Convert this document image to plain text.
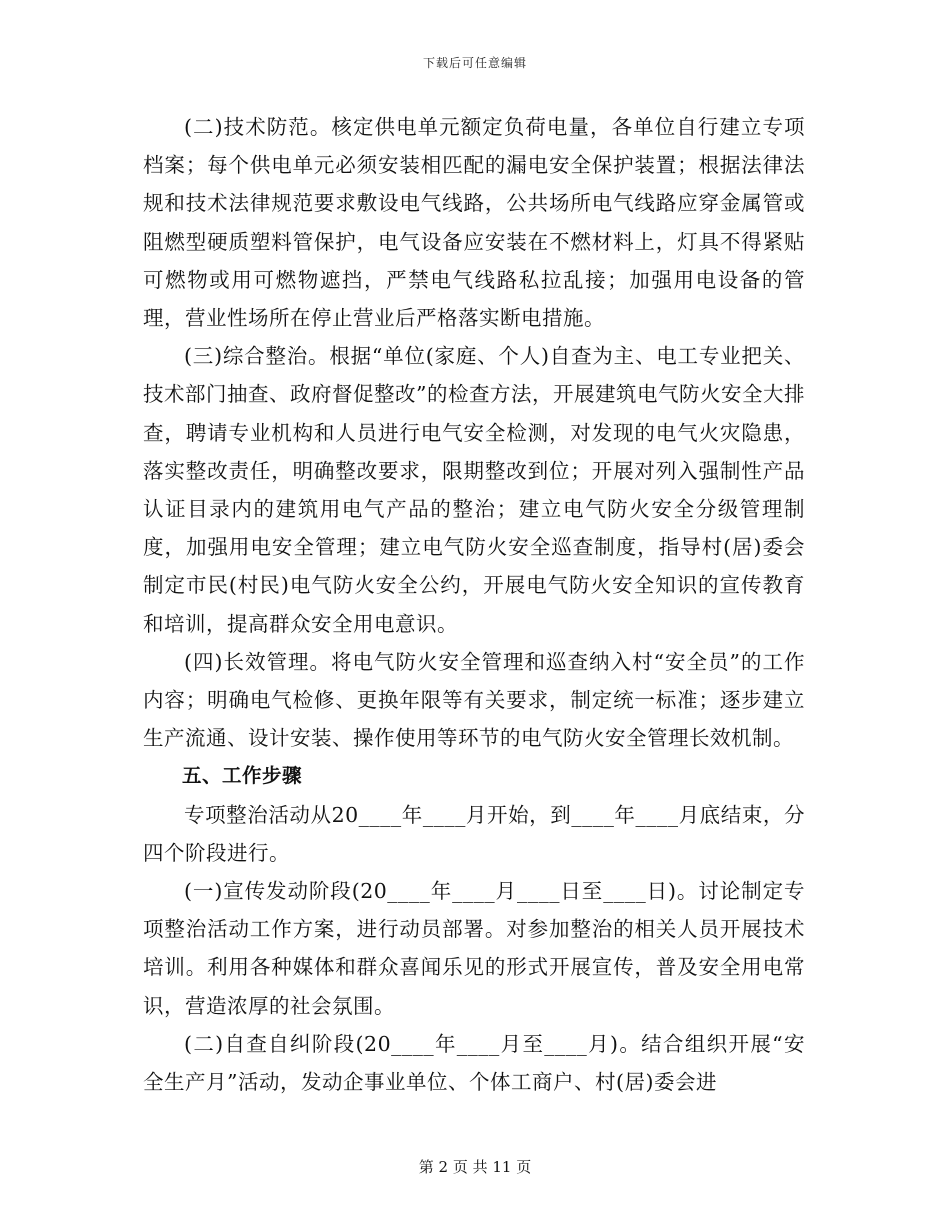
下载后可任意编辑

(二)技术防范。核定供电单元额定负荷电量，各单位自行建立专项档案；每个供电单元必须安装相匹配的漏电安全保护装置；根据法律法规和技术法律规范要求敷设电气线路，公共场所电气线路应穿金属管或阻燃型硬质塑料管保护，电气设备应安装在不燃材料上，灯具不得紧贴可燃物或用可燃物遮挡，严禁电气线路私拉乱接；加强用电设备的管理，营业性场所在停止营业后严格落实断电措施。

(三)综合整治。根据“单位(家庭、个人)自查为主、电工专业把关、技术部门抽查、政府督促整改”的检查方法，开展建筑电气防火安全大排查，聘请专业机构和人员进行电气安全检测，对发现的电气火灾隐患，落实整改责任，明确整改要求，限期整改到位；开展对列入强制性产品认证目录内的建筑用电气产品的整治；建立电气防火安全分级管理制度，加强用电安全管理；建立电气防火安全巡查制度，指导村(居)委会制定市民(村民)电气防火安全公约，开展电气防火安全知识的宣传教育和培训，提高群众安全用电意识。

(四)长效管理。将电气防火安全管理和巡查纳入村“安全员”的工作内容；明确电气检修、更换年限等有关要求，制定统一标准；逐步建立生产流通、设计安装、操作使用等环节的电气防火安全管理长效机制。

五、工作步骤

专项整治活动从20____年____月开始，到____年____月底结束，分四个阶段进行。

(一)宣传发动阶段(20____年____月____日至____日)。讨论制定专项整治活动工作方案，进行动员部署。对参加整治的相关人员开展技术培训。利用各种媒体和群众喜闻乐见的形式开展宣传，普及安全用电常识，营造浓厚的社会氛围。

(二)自查自纠阶段(20____年____月至____月)。结合组织开展“安全生产月”活动，发动企事业单位、个体工商户、村(居)委会进

第 2 页 共 11 页
